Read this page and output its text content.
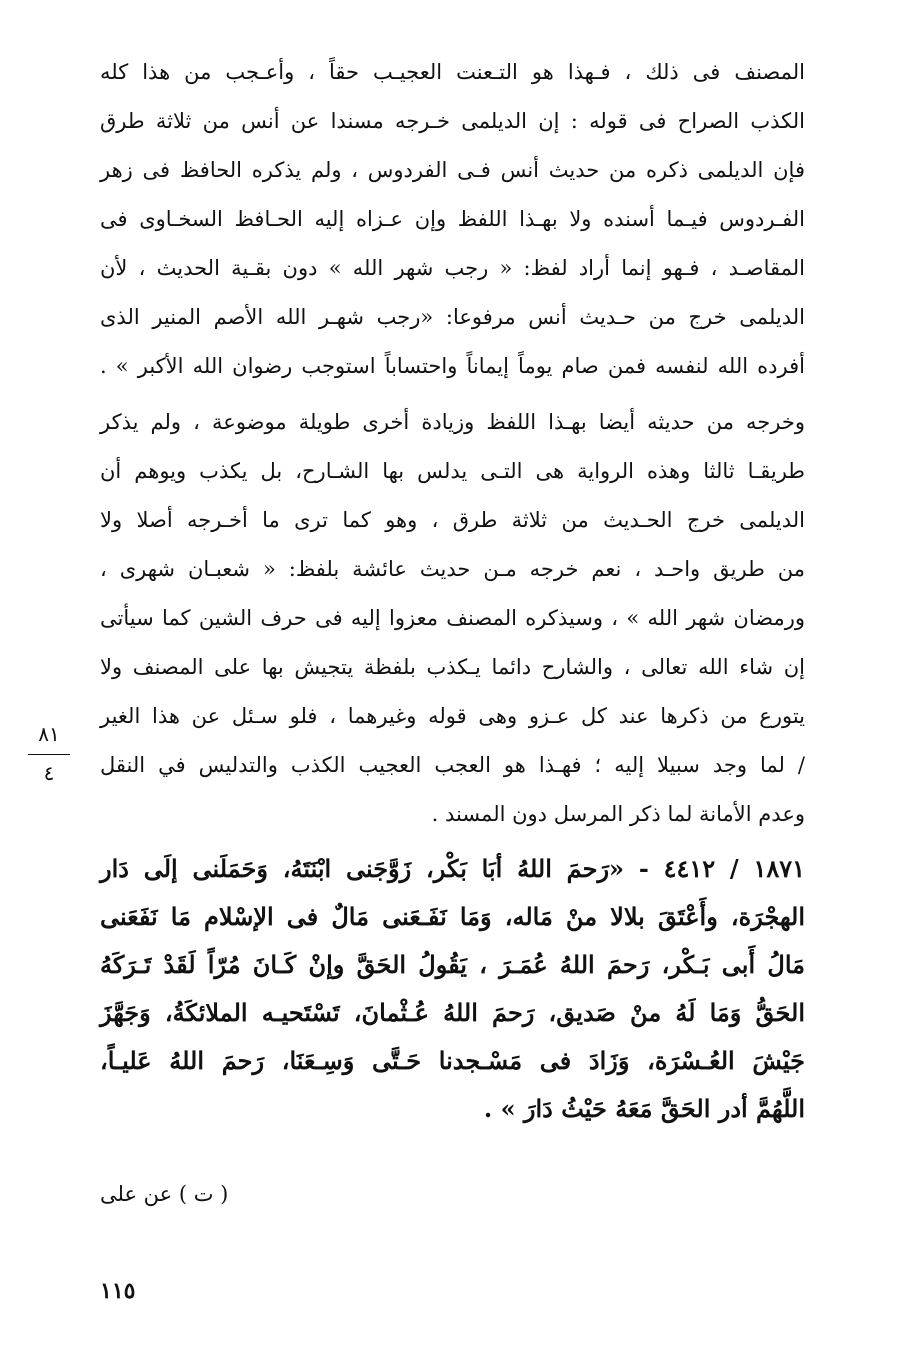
المصنف فى ذلك ، فـهذا هو التـعنت العجيـب حقاً ، وأعـجب من هذا كله
الكذب الصراح فى قوله : إن الديلمى خـرجه مسندا عن أنس من ثلاثة طرق
فإن الديلمى ذكره من حديث أنس فـى الفردوس ، ولم يذكره الحافظ فى زهر
الفـردوس فيـما أسنده ولا بهـذا اللفظ وإن عـزاه إليه الحـافظ السخـاوى فى
المقاصـد ، فـهو إنما أراد لفظ: « رجب شهر الله » دون بقـية الحديث ، لأن
الديلمى خرج من حـديث أنس مرفوعا: «رجب شهـر الله الأصم المنير الذى
أفرده الله لنفسه فمن صام يوماً إيماناً واحتساباً استوجب رضوان الله الأكبر » .
وخرجه من حديثه أيضا بهـذا اللفظ وزيادة أخرى طويلة موضوعة ، ولم يذكر
طريقـا ثالثا وهذه الرواية هى التـى يدلس بها الشـارح، بل يكذب ويوهم أن
الديلمى خرج الحـديث من ثلاثة طرق ، وهو كما ترى ما أخـرجه أصلا ولا
من طريق واحـد ، نعم خرجه مـن حديث عائشة بلفظ: « شعبـان شهرى ،
ورمضان شهر الله » ، وسيذكره المصنف معزوا إليه فى حرف الشين كما سيأتى
إن شاء الله تعالى ، والشارح دائما يـكذب بلفظة يتجيش بها على المصنف ولا
يتورع من ذكرها عند كل عـزو وهى قوله وغيرهما ، فلو سـئل عن هذا الغير
/ لما وجد سبيلا إليه ؛ فهـذا هو العجب العجيب الكذب والتدليس في النقل
وعدم الأمانة لما ذكر المرسل دون المسند .
٨١
٤
١٨٧١ / ٤٤١٢ - «رَحمَ اللهُ أبَا بَكْر، زَوَّجَنى ابْنَتَهُ، وَحَمَلَنى إلَى دَار
الهجْرَة، وأَعْتَقَ بلالا منْ مَاله، وَمَا نَفَـعَنى مَالٌ فى الإسْلام مَا نَفَعَنى
مَالُ أَبى بَـكْر، رَحمَ اللهُ عُمَـرَ ، يَقُولُ الحَقَّ وإنْ كَـانَ مُرّاً لَقَدْ تَـرَكَهُ
الحَقُّ وَمَا لَهُ منْ صَديق، رَحمَ اللهُ عُـثْمانَ، تَسْتَحيـه الملائكَةُ، وَجَهَّزَ
جَيْشَ العُـسْرَة، وَزَادَ فى مَسْـجدنا حَـتَّى وَسِـعَنَا، رَحمَ اللهُ عَليـاً،
اللَّهُمَّ أدر الحَقَّ مَعَهُ حَيْثُ دَارَ » .
( ت ) عن على
١١٥
